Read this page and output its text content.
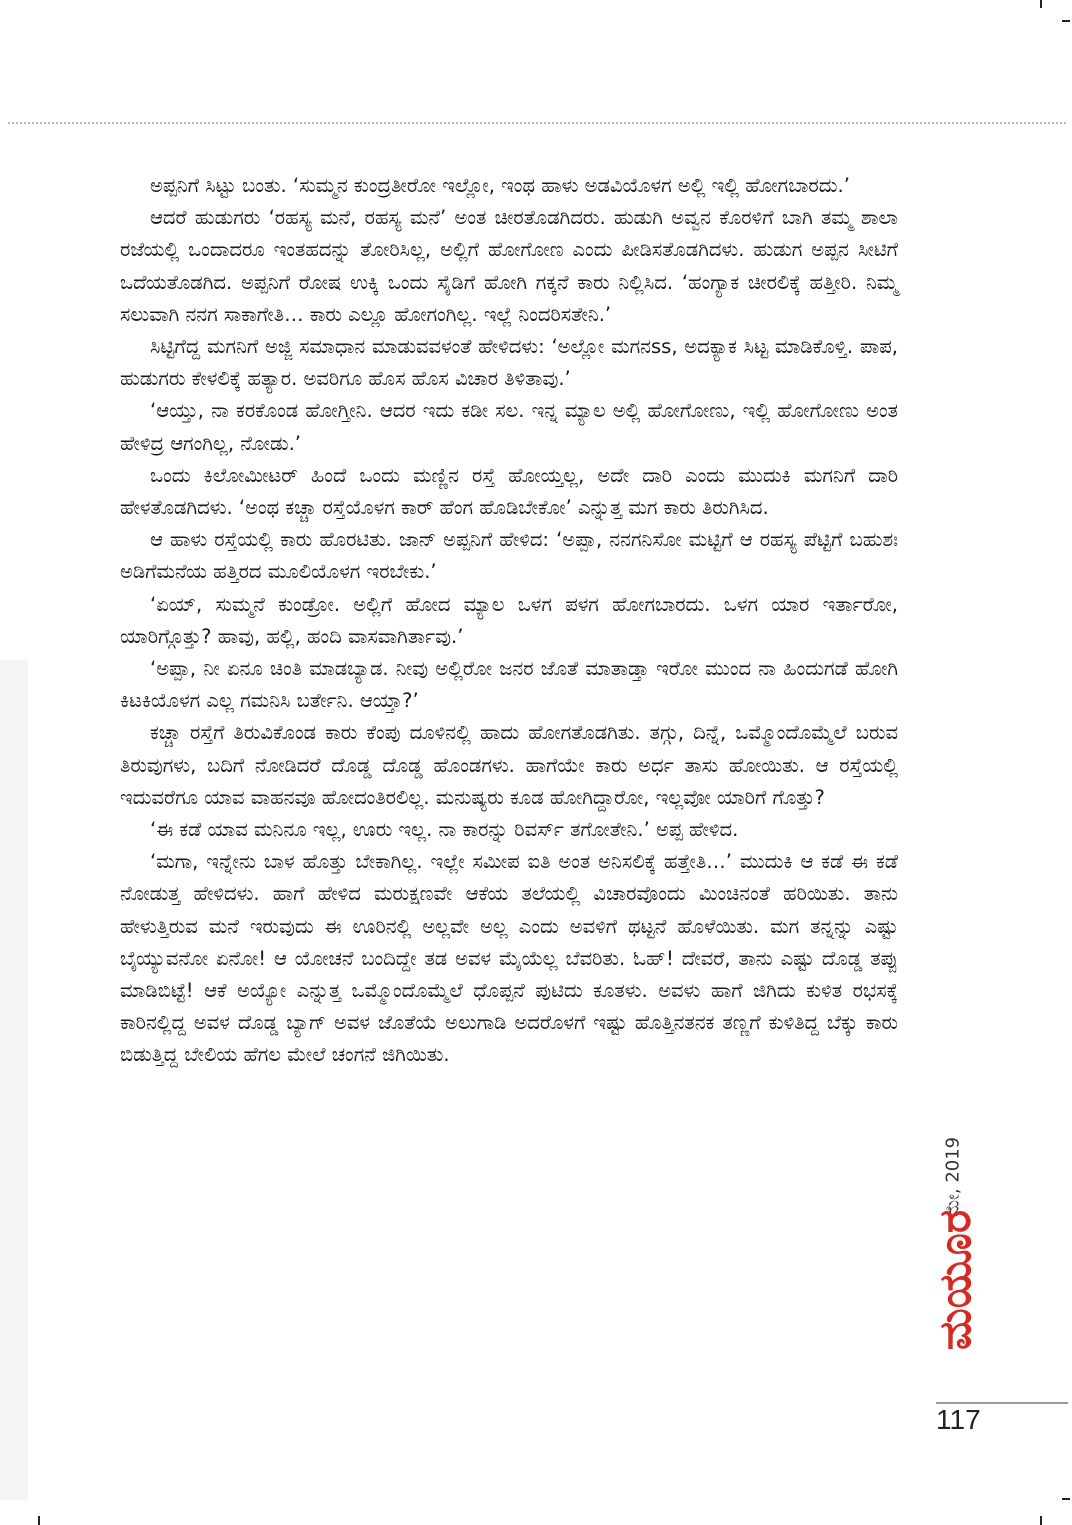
ಅಪ್ಪನಿಗೆ ಸಿಟ್ಟು ಬಂತು. ‘ಸುಮ್ಮನ ಕುಂದ್ರತೀರೋ ಇಲ್ಲೋ, ಇಂಥ ಹಾಳು ಅಡವಿಯೊಳಗ ಅಲ್ಲಿ ಇಲ್ಲಿ ಹೋಗಬಾರದು.’

ಆದರೆ ಹುಡುಗರು ‘ರಹಸ್ಯ ಮನೆ, ರಹಸ್ಯ ಮನೆ’ ಅಂತ ಚೀರತೊಡಗಿದರು. ಹುಡುಗಿ ಅವ್ವನ ಕೊರಳಿಗೆ ಬಾಗಿ ತಮ್ಮ ಶಾಲಾ ರಜೆಯಲ್ಲಿ ಒಂದಾದರೂ ಇಂತಹದನ್ನು ತೋರಿಸಿಲ್ಲ, ಅಲ್ಲಿಗೆ ಹೋಗೋಣ ಎಂದು ಪೀಡಿಸತೊಡಗಿದಳು. ಹುಡುಗ ಅಪ್ಪನ ಸೀಟಿಗೆ ಒದೆಯತೊಡಗಿದ. ಅಪ್ಪನಿಗೆ ರೋಷ ಉಕ್ಕಿ ಒಂದು ಸೈಡಿಗೆ ಹೋಗಿ ಗಕ್ಕನೆ ಕಾರು ನಿಲ್ಲಿಸಿದ. ‘ಹಂಗ್ಯಾಕ ಚೀರಲಿಕ್ಕೆ ಹತ್ತೀರಿ. ನಿಮ್ಮ ಸಲುವಾಗಿ ನನಗ ಸಾಕಾಗೇತಿ… ಕಾರು ಎಲ್ಲೂ ಹೋಗಂಗಿಲ್ಲ. ಇಲ್ಲೆ ನಿಂದರಿಸತೇನಿ.’

ಸಿಟ್ಟಿಗೆದ್ದ ಮಗನಿಗೆ ಅಜ್ಜಿ ಸಮಾಧಾನ ಮಾಡುವವಳಂತೆ ಹೇಳಿದಳು: ‘ಅಲ್ಲೋ ಮಗನss, ಅದಕ್ಯಾಕ ಸಿಟ್ಟ ಮಾಡಿಕೊಳ್ತಿ. ಪಾಪ, ಹುಡುಗರು ಕೇಳಲಿಕ್ಕೆ ಹತ್ಯಾರ. ಅವರಿಗೂ ಹೊಸ ಹೊಸ ವಿಚಾರ ತಿಳಿತಾವು.’

‘ಆಯ್ತು, ನಾ ಕರಕೊಂಡ ಹೋಗ್ತೀನಿ. ಆದರ ಇದು ಕಡೀ ಸಲ. ಇನ್ನ ಮ್ಯಾಲ ಅಲ್ಲಿ ಹೋಗೋಣು, ಇಲ್ಲಿ ಹೋಗೋಣು ಅಂತ ಹೇಳಿದ್ರ ಆಗಂಗಿಲ್ಲ, ನೋಡು.’

ಒಂದು ಕಿಲೋಮೀಟರ್ ಹಿಂದೆ ಒಂದು ಮಣ್ಣಿನ ರಸ್ತೆ ಹೋಯ್ತಲ್ಲ, ಅದೇ ದಾರಿ ಎಂದು ಮುದುಕಿ ಮಗನಿಗೆ ದಾರಿ ಹೇಳತೊಡಗಿದಳು. ‘ಅಂಥ ಕಚ್ಚಾ ರಸ್ತೆಯೊಳಗ ಕಾರ್ ಹೆಂಗ ಹೊಡಿಬೇಕೋ’ ಎನ್ನುತ್ತ ಮಗ ಕಾರು ತಿರುಗಿಸಿದ.

ಆ ಹಾಳು ರಸ್ತೆಯಲ್ಲಿ ಕಾರು ಹೊರಟಿತು. ಜಾನ್ ಅಪ್ಪನಿಗೆ ಹೇಳಿದ: ‘ಅಪ್ಪಾ, ನನಗನಿಸೋ ಮಟ್ಟಿಗೆ ಆ ರಹಸ್ಯ ಪೆಟ್ಟಿಗೆ ಬಹುಶಃ ಅಡಿಗೆಮನೆಯ ಹತ್ತಿರದ ಮೂಲಿಯೊಳಗ ಇರಬೇಕು.’

‘ಏಯ್, ಸುಮ್ಮನೆ ಕುಂಡ್ರೋ. ಅಲ್ಲಿಗೆ ಹೋದ ಮ್ಯಾಲ ಒಳಗ ಪಳಗ ಹೋಗಬಾರದು. ಒಳಗ ಯಾರ ಇರ್ತಾರೋ, ಯಾರಿಗ್ಗೊತ್ತು? ಹಾವು, ಹಲ್ಲಿ, ಹಂದಿ ವಾಸವಾಗಿರ್ತಾವು.’

‘ಅಪ್ಪಾ, ನೀ ಏನೂ ಚಿಂತಿ ಮಾಡಬ್ಯಾಡ. ನೀವು ಅಲ್ಲಿರೋ ಜನರ ಜೊತೆ ಮಾತಾಡ್ತಾ ಇರೋ ಮುಂದ ನಾ ಹಿಂದುಗಡೆ ಹೋಗಿ ಕಿಟಕಿಯೊಳಗ ಎಲ್ಲ ಗಮನಿಸಿ ಬರ್ತೇನಿ. ಆಯ್ತಾ?’

ಕಚ್ಚಾ ರಸ್ತೆಗೆ ತಿರುವಿಕೊಂಡ ಕಾರು ಕೆಂಪು ದೂಳಿನಲ್ಲಿ ಹಾದು ಹೋಗತೊಡಗಿತು. ತಗ್ಗು, ದಿನ್ನೆ, ಒಮ್ಮೊಂದೊಮ್ಮೆಲೆ ಬರುವ ತಿರುವುಗಳು, ಬದಿಗೆ ನೋಡಿದರೆ ದೊಡ್ಡ ದೊಡ್ಡ ಹೊಂಡಗಳು. ಹಾಗೆಯೇ ಕಾರು ಅರ್ಧ ತಾಸು ಹೋಯಿತು. ಆ ರಸ್ತೆಯಲ್ಲಿ ಇದುವರೆಗೂ ಯಾವ ವಾಹನವೂ ಹೋದಂತಿರಲಿಲ್ಲ. ಮನುಷ್ಯರು ಕೂಡ ಹೋಗಿದ್ದಾರೋ, ಇಲ್ಲವೋ ಯಾರಿಗೆ ಗೊತ್ತು?

‘ಈ ಕಡೆ ಯಾವ ಮನಿನೂ ಇಲ್ಲ, ಊರು ಇಲ್ಲ. ನಾ ಕಾರನ್ನು ರಿವರ್ಸ್ ತಗೋತೇನಿ.’ ಅಪ್ಪ ಹೇಳಿದ.

‘ಮಗಾ, ಇನ್ನೇನು ಬಾಳ ಹೊತ್ತು ಬೇಕಾಗಿಲ್ಲ. ಇಲ್ಲೇ ಸಮೀಪ ಐತಿ ಅಂತ ಅನಿಸಲಿಕ್ಕೆ ಹತ್ತೇತಿ…’ ಮುದುಕಿ ಆ ಕಡೆ ಈ ಕಡೆ ನೋಡುತ್ತ ಹೇಳಿದಳು. ಹಾಗೆ ಹೇಳಿದ ಮರುಕ್ಷಣವೇ ಆಕೆಯ ತಲೆಯಲ್ಲಿ ವಿಚಾರವೊಂದು ಮಿಂಚಿನಂತೆ ಹರಿಯಿತು. ತಾನು ಹೇಳುತ್ತಿರುವ ಮನೆ ಇರುವುದು ಈ ಊರಿನಲ್ಲಿ ಅಲ್ಲವೇ ಅಲ್ಲ ಎಂದು ಅವಳಿಗೆ ಥಟ್ಟನೆ ಹೊಳೆಯಿತು. ಮಗ ತನ್ನನ್ನು ಎಷ್ಟು ಬೈಯ್ಯುವನೋ ಏನೋ! ಆ ಯೋಚನೆ ಬಂದಿದ್ದೇ ತಡ ಅವಳ ಮೈಯೆಲ್ಲ ಬೆವರಿತು. ಓಹ್! ದೇವರೆ, ತಾನು ಎಷ್ಟು ದೊಡ್ಡ ತಪ್ಪು ಮಾಡಿಬಿಟ್ಟೆ! ಆಕೆ ಅಯ್ಯೋ ಎನ್ನುತ್ತ ಒಮ್ಮೊಂದೊಮ್ಮೆಲೆ ಧೊಪ್ಪನೆ ಪುಟಿದು ಕೂತಳು. ಅವಳು ಹಾಗೆ ಜಿಗಿದು ಕುಳಿತ ರಭಸಕ್ಕೆ ಕಾರಿನಲ್ಲಿದ್ದ ಅವಳ ದೊಡ್ಡ ಬ್ಯಾಗ್ ಅವಳ ಜೊತೆಯೆ ಅಲುಗಾಡಿ ಅದರೊಳಗೆ ಇಷ್ಟು ಹೊತ್ತಿನತನಕ ತಣ್ಣಗೆ ಕುಳಿತಿದ್ದ ಬೆಕ್ಕು ಕಾರು ಬಿಡುತ್ತಿದ್ದ ಬೇಲಿಯ ಹೆಗಲ ಮೇಲೆ ಚಂಗನೆ ಜಿಗಿಯಿತು.

ಮೇ, 2019
ಮಯೂರ
117
